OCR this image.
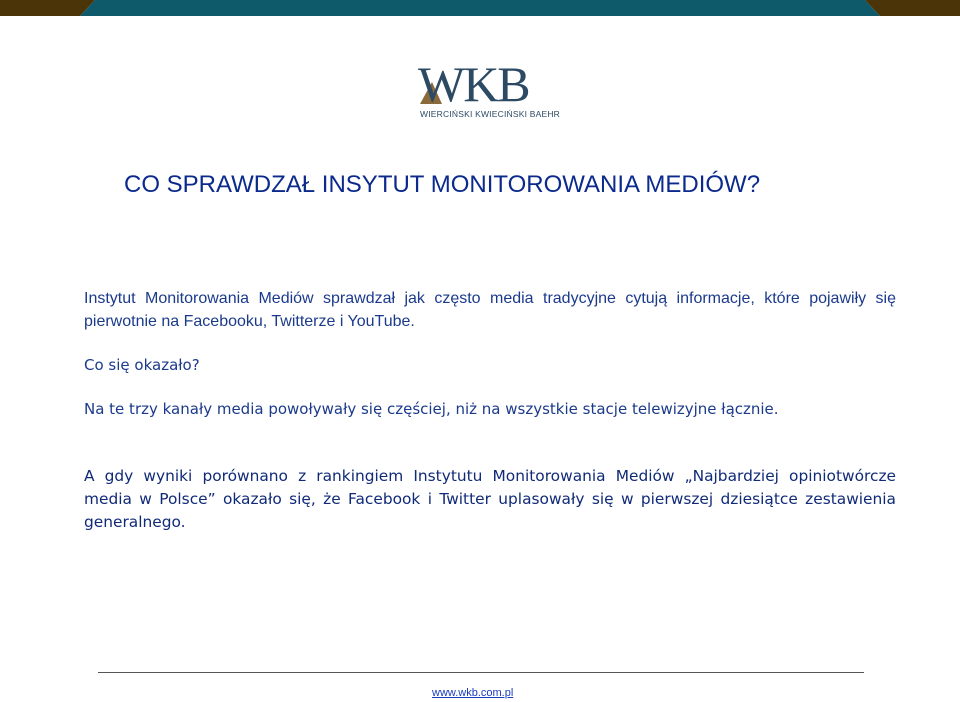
WKB
WIERCIŃSKI KWIECIŃSKI BAEHR
CO SPRAWDZAŁ INSYTUT MONITOROWANIA MEDIÓW?
Instytut Monitorowania Mediów sprawdzał jak często media tradycyjne cytują informacje, które pojawiły się pierwotnie na Facebooku, Twitterze i YouTube.
Co się okazało?
Na te trzy kanały media powoływały się częściej, niż na wszystkie stacje telewizyjne łącznie.
A gdy wyniki porównano z rankingiem Instytutu Monitorowania Mediów „Najbardziej opiniotwórcze media w Polsce” okazało się, że Facebook i Twitter uplasowały się w pierwszej dziesiątce zestawienia generalnego.
www.wkb.com.pl
